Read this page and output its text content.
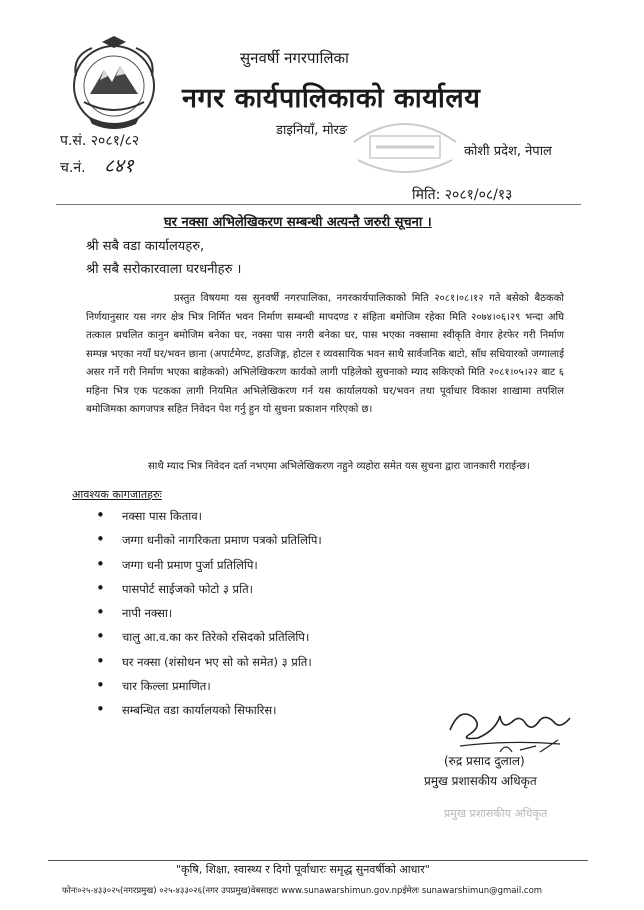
सुनवर्षी नगरपालिका
नगर कार्यपालिकाको कार्यालय
डाइनियाँ, मोरङ
प.सं. २०८१/८२
च.नं. ८४१
कोशी प्रदेश, नेपाल
मिति: २०८१/०८/१३
घर नक्सा अभिलेखिकरण सम्बन्धी अत्यन्तै जरुरी सूचना ।
श्री सबै वडा कार्यालयहरु,
श्री सबै सरोकारवाला घरधनीहरु ।
प्रस्तुत विषयमा यस सुनवर्षी नगरपालिका, नगरकार्यपालिकाको मिति २०८१।०८।१२ गते बसेको बैठकको निर्णयानुसार यस नगर क्षेत्र भित्र निर्मित भवन निर्माण सम्बन्धी मापदण्ड र संहिता बमोजिम रहेका मिति २०७४।०६।२९ भन्दा अघि तत्काल प्रचलित कानुन बमोजिम बनेका घर, नक्सा पास नगरी बनेका घर, पास भएका नक्सामा स्वीकृति वेगार हेरफेर गरी निर्माण सम्पन्न भएका नयाँ घर/भवन छाना (अपार्टमेण्ट, हाउजिङ्ग, होटल र व्यवसायिक भवन साथै सार्वजनिक बाटो, साँध सधियारको जग्गालाई असर गर्ने गरी निर्माण भएका बाहेकको) अभिलेखिकरण कार्यको लागी पहिलेको सुचनाको म्याद सकिएको मिति २०८१।०५।२२ बाट ६ महिना भित्र एक पटकका लागी नियमित अभिलेखिकरण गर्न यस कार्यालयको घर/भवन तथा पूर्वाधार विकाश शाखामा तपशिल बमोजिमका कागजपत्र सहित निवेदन पेश गर्नु हुन यो सुचना प्रकाशन गरिएको छ।
साथै म्याद भित्र निवेदन दर्ता नभएमा अभिलेखिकरण नहुने व्यहोरा समेत यस सुचना द्वारा जानकारी गराईन्छ।
आवश्यक कागजातहरुः
• नक्सा पास किताव।
• जग्गा धनीको नागरिकता प्रमाण पत्रको प्रतिलिपि।
• जग्गा धनी प्रमाण पुर्जा प्रतिलिपि।
• पासपोर्ट साईजको फोटो ३ प्रति।
• नापी नक्सा।
• चालु आ.व.का कर तिरेको रसिदको प्रतिलिपि।
• घर नक्सा (शंसोधन भए सो को समेत) ३ प्रति।
• चार किल्ला प्रमाणित।
• सम्बन्धित वडा कार्यालयको सिफारिस।
(रुद्र प्रसाद दुलाल)
प्रमुख प्रशासकीय अधिकृत
प्रमुख प्रशासकीय अधिकृत
"कृषि, शिक्षा, स्वास्थ्य र दिगो पूर्वाधारः समृद्ध सुनवर्षीको आधार"
फोनः०२५-४३३०२५(नगरप्रमुख) ०२५-४३३०२६(नगर उपप्रमुख)वेबसाइटः www.sunawarshimun.gov.npईमेलः sunawarshimun@gmail.com
